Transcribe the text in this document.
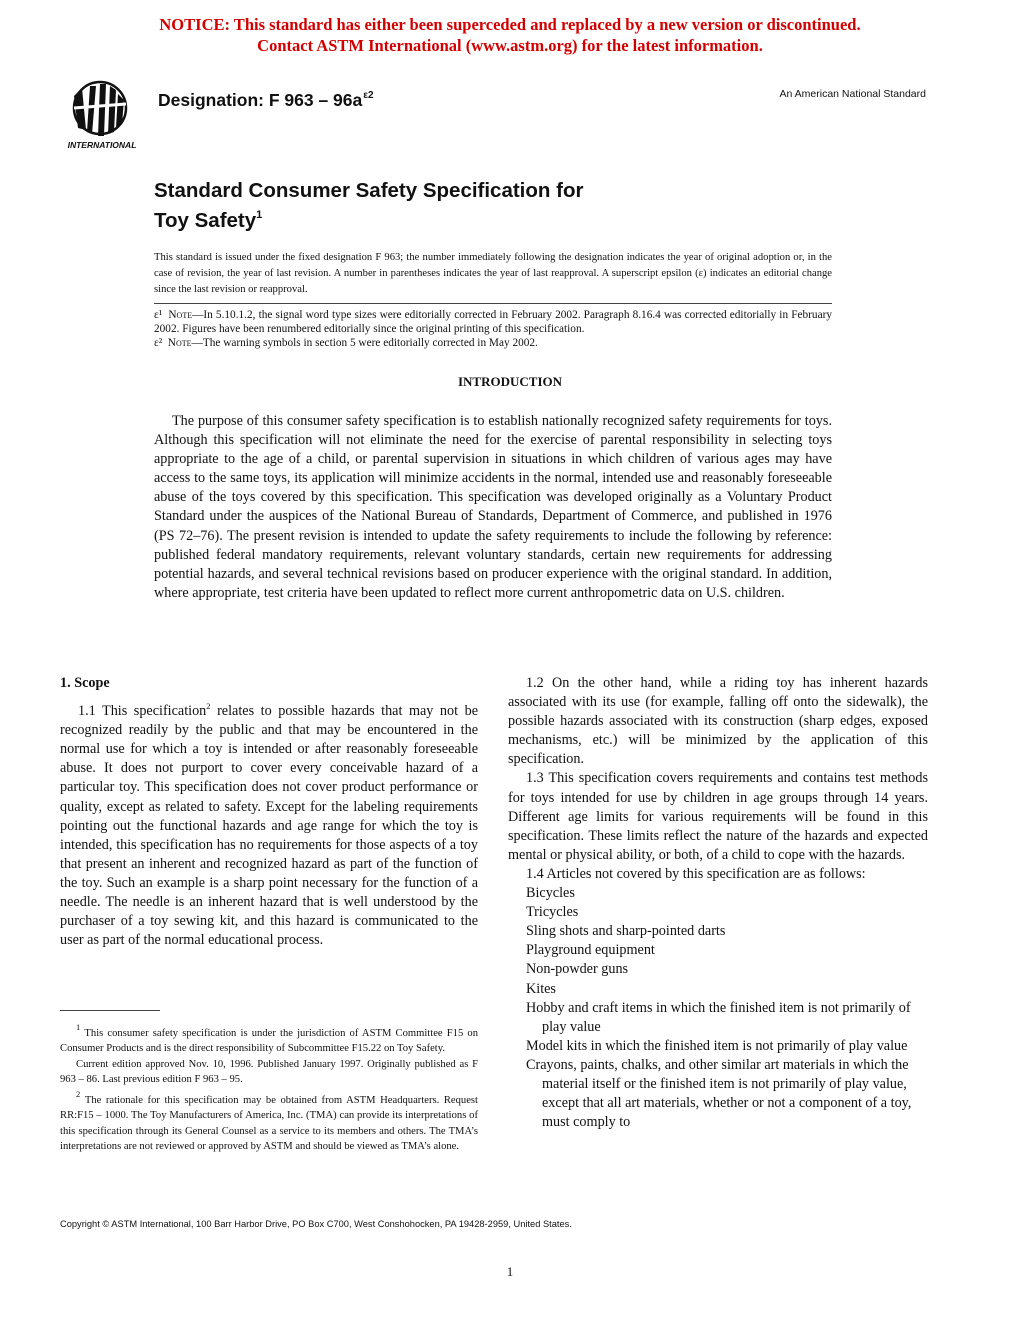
NOTICE: This standard has either been superceded and replaced by a new version or discontinued.
Contact ASTM International (www.astm.org) for the latest information.
INTERNATIONAL
Designation: F $963 - 96a^{\varepsilon 2}$	An American National Standard
Standard Consumer Safety Specification for
Toy Safety$^1$
This standard is issued under the fixed designation F 963; the number immediately following the designation indicates the year of original adoption or, in the case of revision, the year of last revision. A number in parentheses indicates the year of last reapproval. A superscript epsilon (ε) indicates an editorial change since the last revision or reapproval.

ε¹ Note—In 5.10.1.2, the signal word type sizes were editorially corrected in February 2002. Paragraph 8.16.4 was corrected editorially in February 2002. Figures have been renumbered editorially since the original printing of this specification.

ε² Note—The warning symbols in section 5 were editorially corrected in May 2002.

INTRODUCTION

The purpose of this consumer safety specification is to establish nationally recognized safety requirements for toys. Although this specification will not eliminate the need for the exercise of parental responsibility in selecting toys appropriate to the age of a child, or parental supervision in situations in which children of various ages may have access to the same toys, its application will minimize accidents in the normal, intended use and reasonably foreseeable abuse of the toys covered by this specification. This specification was developed originally as a Voluntary Product Standard under the auspices of the National Bureau of Standards, Department of Commerce, and published in 1976 (PS 72–76). The present revision is intended to update the safety requirements to include the following by reference: published federal mandatory requirements, relevant voluntary standards, certain new requirements for addressing potential hazards, and several technical revisions based on producer experience with the original standard. In addition, where appropriate, test criteria have been updated to reflect more current anthropometric data on U.S. children.

1. Scope

1.1 This specification$^2$ relates to possible hazards that may not be recognized readily by the public and that may be encountered in the normal use for which a toy is intended or after reasonably foreseeable abuse. It does not purport to cover every conceivable hazard of a particular toy. This specification does not cover product performance or quality, except as related to safety. Except for the labeling requirements pointing out the functional hazards and age range for which the toy is intended, this specification has no requirements for those aspects of a toy that present an inherent and recognized hazard as part of the function of the toy. Such an example is a sharp point necessary for the function of a needle. The needle is an inherent hazard that is well understood by the purchaser of a toy sewing kit, and this hazard is communicated to the user as part of the normal educational process.

$^1$ This consumer safety specification is under the jurisdiction of ASTM Committee F15 on Consumer Products and is the direct responsibility of Subcommittee F15.22 on Toy Safety.

Current edition approved Nov. 10, 1996. Published January 1997. Originally published as F 963 – 86. Last previous edition F 963 – 95.

$^2$ The rationale for this specification may be obtained from ASTM Headquarters. Request RR:F15 – 1000. The Toy Manufacturers of America, Inc. (TMA) can provide its interpretations of this specification through its General Counsel as a service to its members and others. The TMA’s interpretations are not reviewed or approved by ASTM and should be viewed as TMA’s alone.

1.2 On the other hand, while a riding toy has inherent hazards associated with its use (for example, falling off onto the sidewalk), the possible hazards associated with its construction (sharp edges, exposed mechanisms, etc.) will be minimized by the application of this specification.

1.3 This specification covers requirements and contains test methods for toys intended for use by children in age groups through 14 years. Different age limits for various requirements will be found in this specification. These limits reflect the nature of the hazards and expected mental or physical ability, or both, of a child to cope with the hazards.

1.4 Articles not covered by this specification are as follows:

Bicycles
Tricycles
Sling shots and sharp-pointed darts
Playground equipment
Non-powder guns
Kites
Hobby and craft items in which the finished item is not primarily of play value
Model kits in which the finished item is not primarily of play value
Crayons, paints, chalks, and other similar art materials in which the material itself or the finished item is not primarily of play value, except that all art materials, whether or not a component of a toy, must comply to
Copyright © ASTM International, 100 Barr Harbor Drive, PO Box C700, West Conshohocken, PA 19428-2959, United States.
1
